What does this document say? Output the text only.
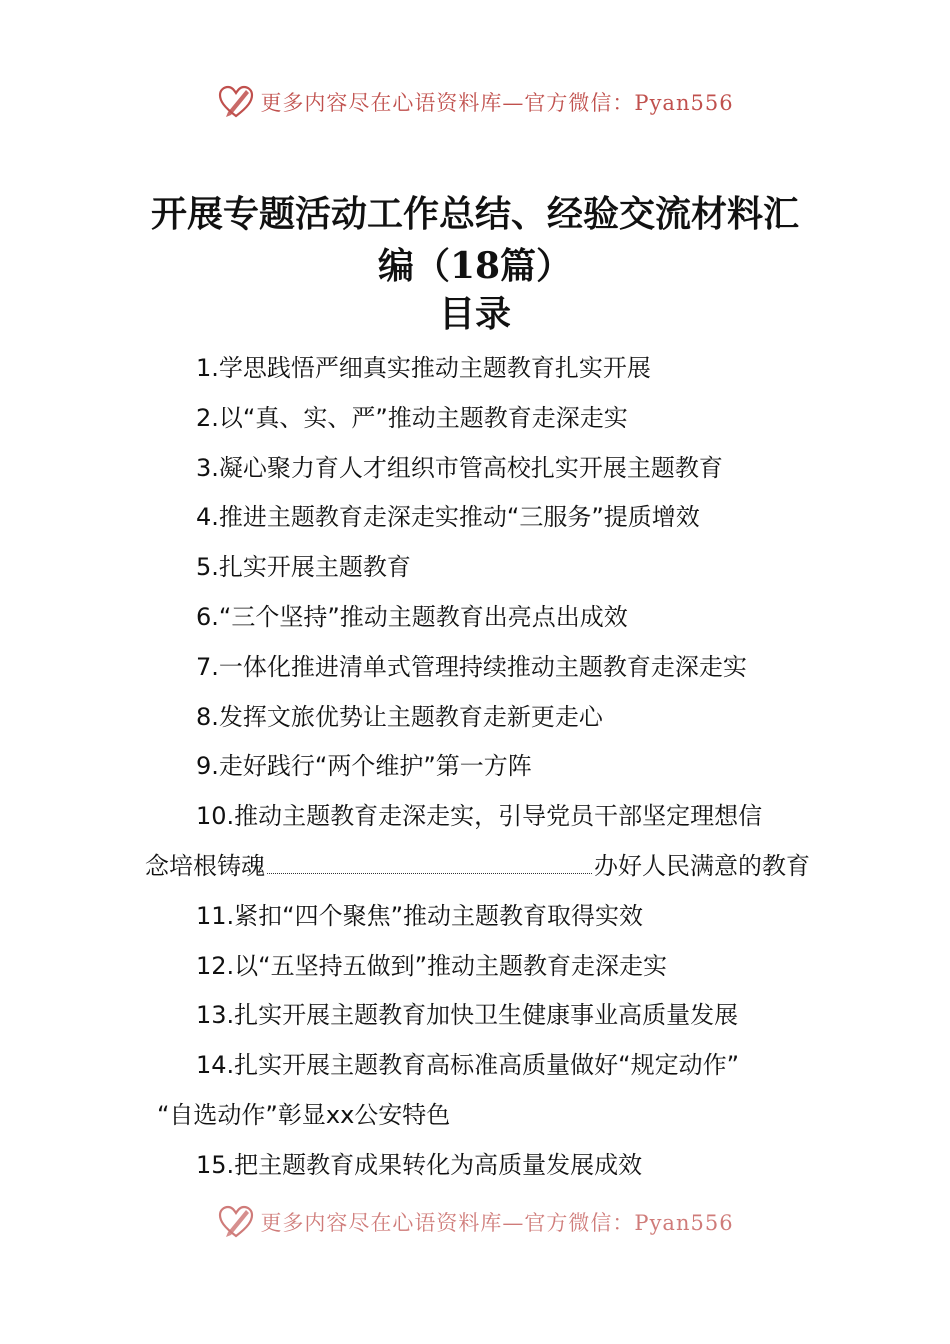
更多内容尽在心语资料库—官方微信：Pyan556
开展专题活动工作总结、经验交流材料汇
编（18篇）
目录
1.学思践悟严细真实推动主题教育扎实开展
2.以“真、实、严”推动主题教育走深走实
3.凝心聚力育人才组织市管高校扎实开展主题教育
4.推进主题教育走深走实推动“三服务”提质增效
5.扎实开展主题教育
6.“三个坚持”推动主题教育出亮点出成效
7.一体化推进清单式管理持续推动主题教育走深走实
8.发挥文旅优势让主题教育走新更走心
9.走好践行“两个维护”第一方阵
10.推动主题教育走深走实，引导党员干部坚定理想信
念培根铸魂	办好人民满意的教育
11.紧扣“四个聚焦”推动主题教育取得实效
12.以“五坚持五做到”推动主题教育走深走实
13.扎实开展主题教育加快卫生健康事业高质量发展
14.扎实开展主题教育高标准高质量做好“规定动作”
“自选动作”彰显xx公安特色
15.把主题教育成果转化为高质量发展成效
更多内容尽在心语资料库—官方微信：Pyan556
